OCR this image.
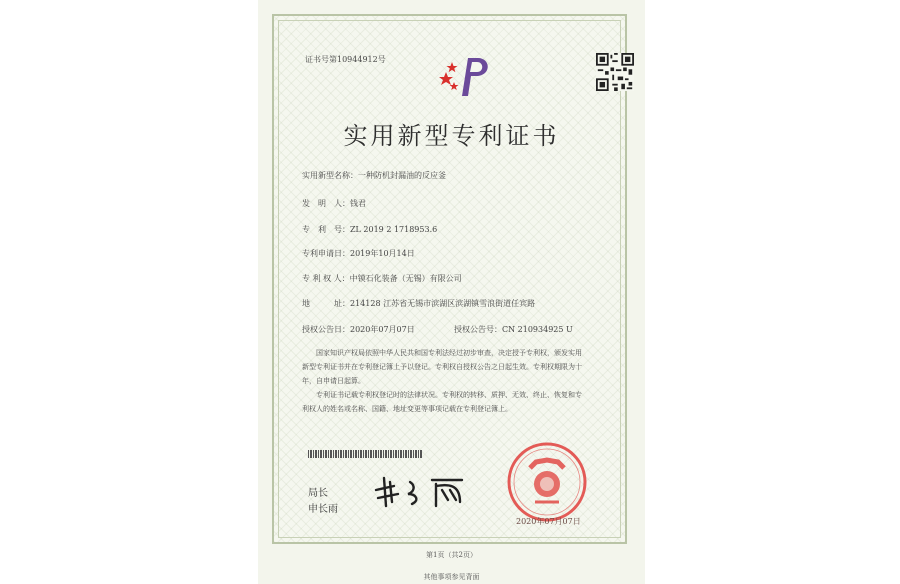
证书号第10944912号
实用新型专利证书
实用新型名称：一种防机封漏油的反应釜
发　明　人：钱君
专　利　号：ZL 2019 2 1718953.6
专利申请日：2019年10月14日
专 利 权 人：中镆石化装备（无锡）有限公司
地　　　址：214128 江苏省无锡市滨湖区滨湖镇雪浪街道任宾路
授权公告日：2020年07月07日	授权公告号：CN 210934925 U
　　国家知识产权局依照中华人民共和国专利法经过初步审查，决定授予专利权，颁发实用
新型专利证书并在专利登记簿上予以登记。专利权自授权公告之日起生效。专利权期限为十
年，自申请日起算。
　　专利证书记载专利权登记时的法律状况。专利权的转移、质押、无效、终止、恢复和专
利权人的姓名或名称、国籍、地址变更等事项记载在专利登记簿上。
局长
申长雨
2020年07月07日
第1页（共2页）
其他事项参见背面
